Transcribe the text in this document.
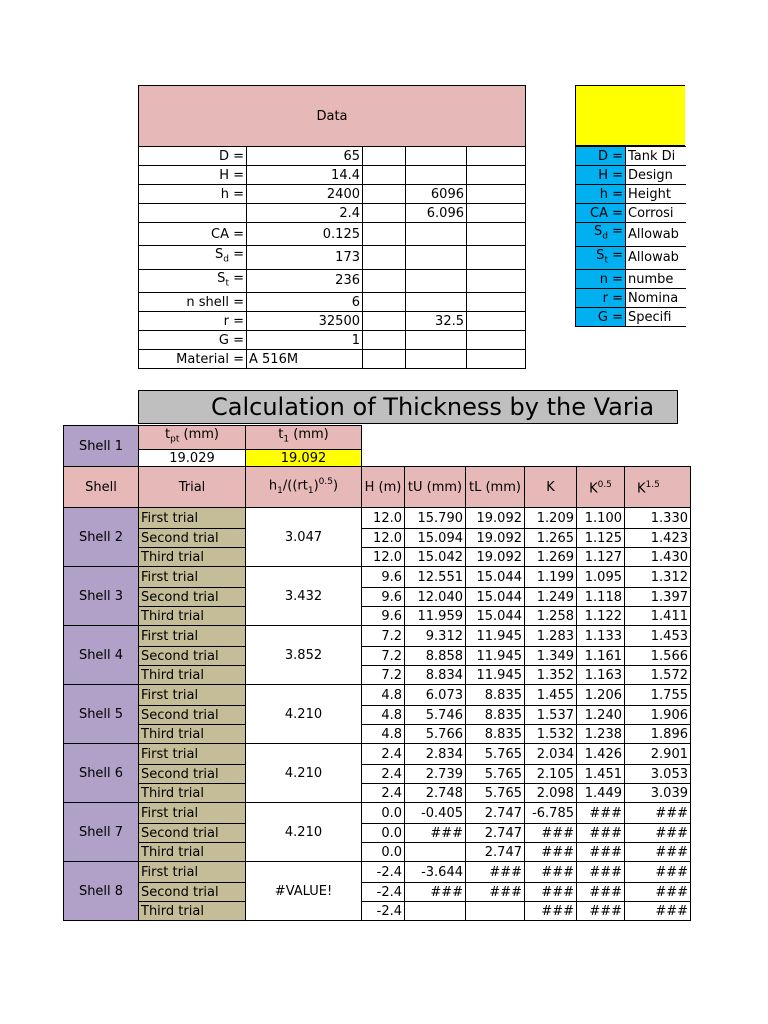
Data				
D =	65			
H =	14.4			
h =	2400		6096	
	2.4		6.096	
CA =	0.125			
$S_d$ =	173			
$S_t$ =	236			
n shell =	6			
r =	32500		32.5	
G =	1			
Material =	A 516M			
D =	Tank Di
H =	Design
h =	Height
CA =	Corrosi
$S_d$ =	Allowab
$S_t$ =	Allowab
n =	numbe
r =	Nomina
G =	Specifi
Calculation of Thickness by the Varia
Shell 1	$t_{pt}$ (mm)	$t_1$ (mm)
	19.029	19.092
Shell	Trial	$h_1/((rt_1)^{0.5})$	H (m)	tU (mm)	tL (mm)	K	$K^{0.5}$	$K^{1.5}$
Shell 2	First trial	3.047	12.0	15.790	19.092	1.209	1.100	1.330
	Second trial		12.0	15.094	19.092	1.265	1.125	1.423
	Third trial		12.0	15.042	19.092	1.269	1.127	1.430
Shell 3	First trial	3.432	9.6	12.551	15.044	1.199	1.095	1.312
	Second trial		9.6	12.040	15.044	1.249	1.118	1.397
	Third trial		9.6	11.959	15.044	1.258	1.122	1.411
Shell 4	First trial	3.852	7.2	9.312	11.945	1.283	1.133	1.453
	Second trial		7.2	8.858	11.945	1.349	1.161	1.566
	Third trial		7.2	8.834	11.945	1.352	1.163	1.572
Shell 5	First trial	4.210	4.8	6.073	8.835	1.455	1.206	1.755
	Second trial		4.8	5.746	8.835	1.537	1.240	1.906
	Third trial		4.8	5.766	8.835	1.532	1.238	1.896
Shell 6	First trial	4.210	2.4	2.834	5.765	2.034	1.426	2.901
	Second trial		2.4	2.739	5.765	2.105	1.451	3.053
	Third trial		2.4	2.748	5.765	2.098	1.449	3.039
Shell 7	First trial	4.210	0.0	-0.405	2.747	-6.785	###	###
	Second trial		0.0	###	2.747	###	###	###
	Third trial		0.0		2.747	###	###	###
Shell 8	First trial	#VALUE!	-2.4	-3.644	###	###	###	###
	Second trial		-2.4	###	###	###	###	###
	Third trial		-2.4			###	###	###
